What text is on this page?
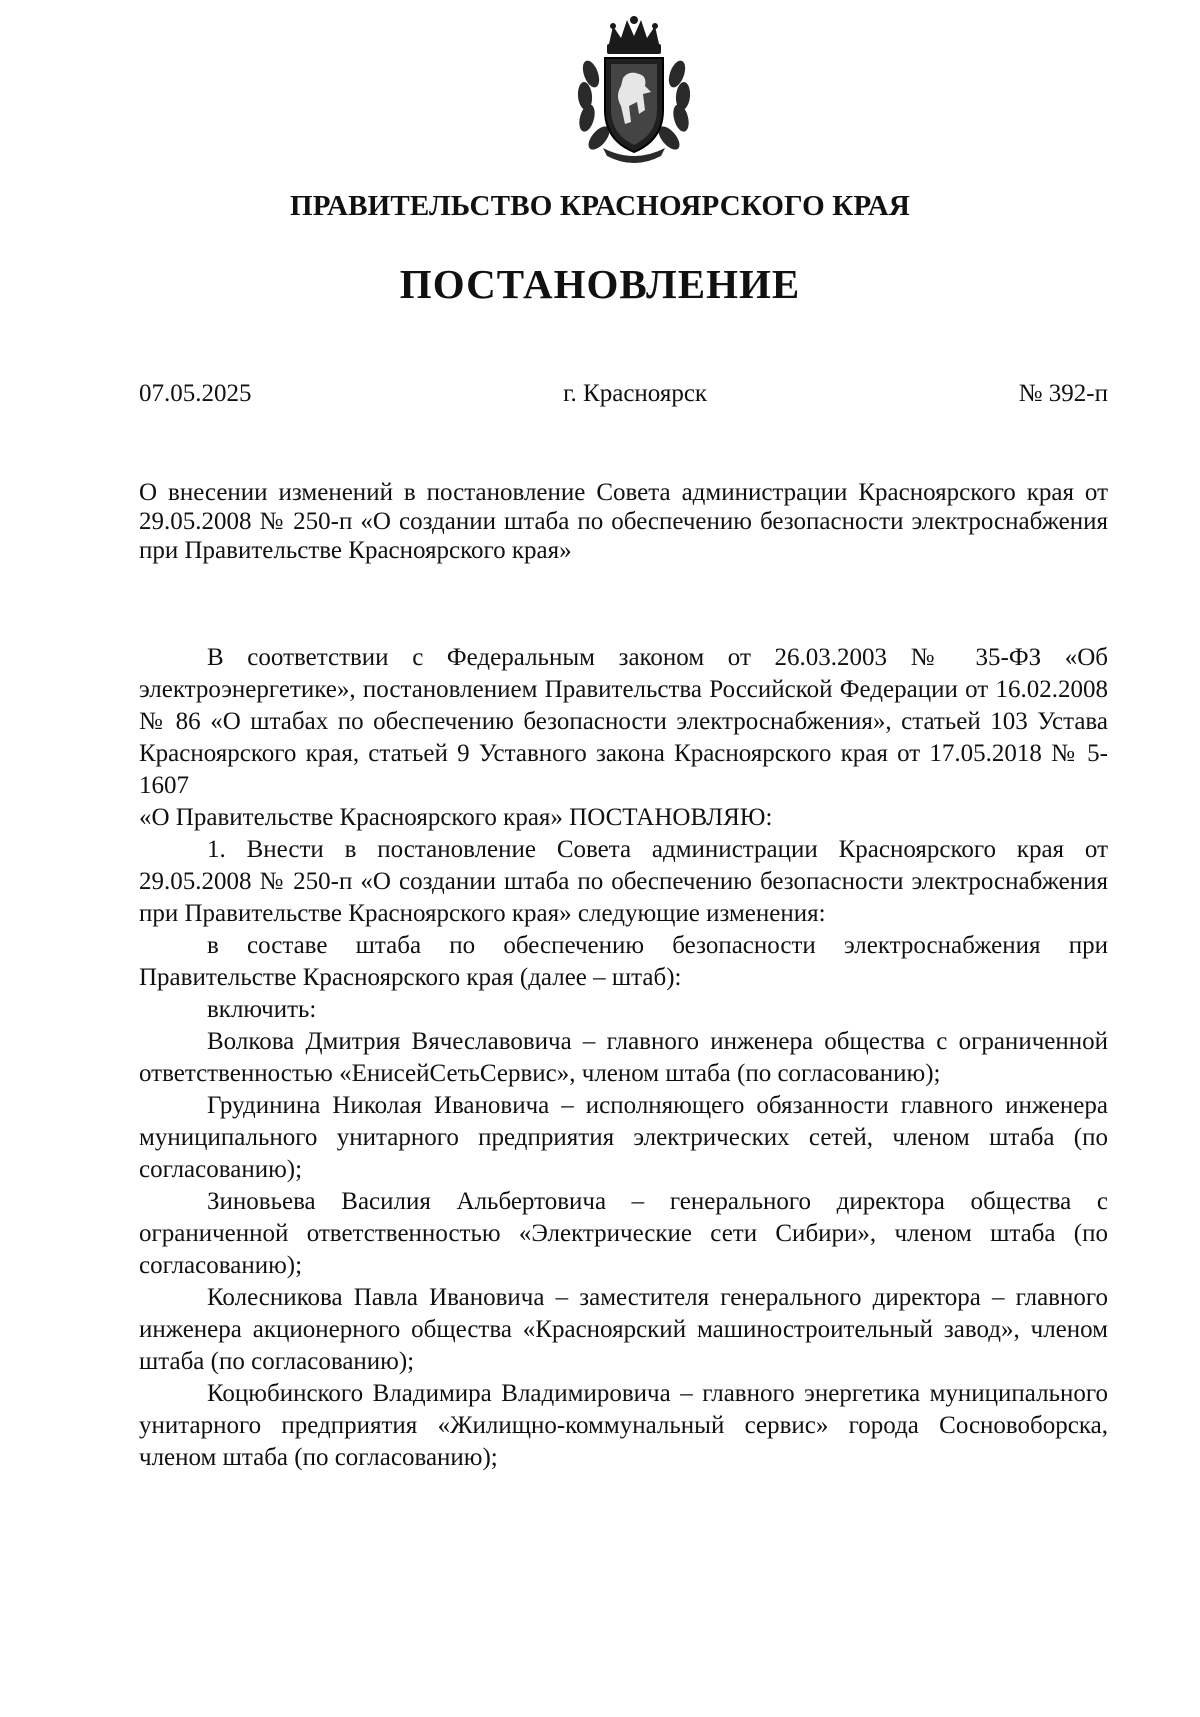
ПРАВИТЕЛЬСТВО КРАСНОЯРСКОГО КРАЯ
ПОСТАНОВЛЕНИЕ
07.05.2025	г. Красноярск	№ 392-п
О внесении изменений в постановление Совета администрации Красноярского края от 29.05.2008 № 250-п «О создании штаба по обеспечению безопасности электроснабжения при Правительстве Красноярского края»

В соответствии с Федеральным законом от 26.03.2003 № 35-ФЗ «Об электроэнергетике», постановлением Правительства Российской Федерации от 16.02.2008 № 86 «О штабах по обеспечению безопасности электроснабжения», статьей 103 Устава Красноярского края, статьей 9 Уставного закона Красноярского края от 17.05.2018 № 5-1607

«О Правительстве Красноярского края» ПОСТАНОВЛЯЮ:

1. Внести в постановление Совета администрации Красноярского края от 29.05.2008 № 250-п «О создании штаба по обеспечению безопасности электроснабжения при Правительстве Красноярского края» следующие изменения:

в составе штаба по обеспечению безопасности электроснабжения при Правительстве Красноярского края (далее – штаб):

включить:

Волкова Дмитрия Вячеславовича – главного инженера общества с ограниченной ответственностью «ЕнисейСетьСервис», членом штаба (по согласованию);

Грудинина Николая Ивановича – исполняющего обязанности главного инженера муниципального унитарного предприятия электрических сетей, членом штаба (по согласованию);

Зиновьева Василия Альбертовича – генерального директора общества с ограниченной ответственностью «Электрические сети Сибири», членом штаба (по согласованию);

Колесникова Павла Ивановича – заместителя генерального директора – главного инженера акционерного общества «Красноярский машиностроительный завод», членом штаба (по согласованию);

Коцюбинского Владимира Владимировича – главного энергетика муниципального унитарного предприятия «Жилищно-коммунальный сервис» города Сосновоборска, членом штаба (по согласованию);
